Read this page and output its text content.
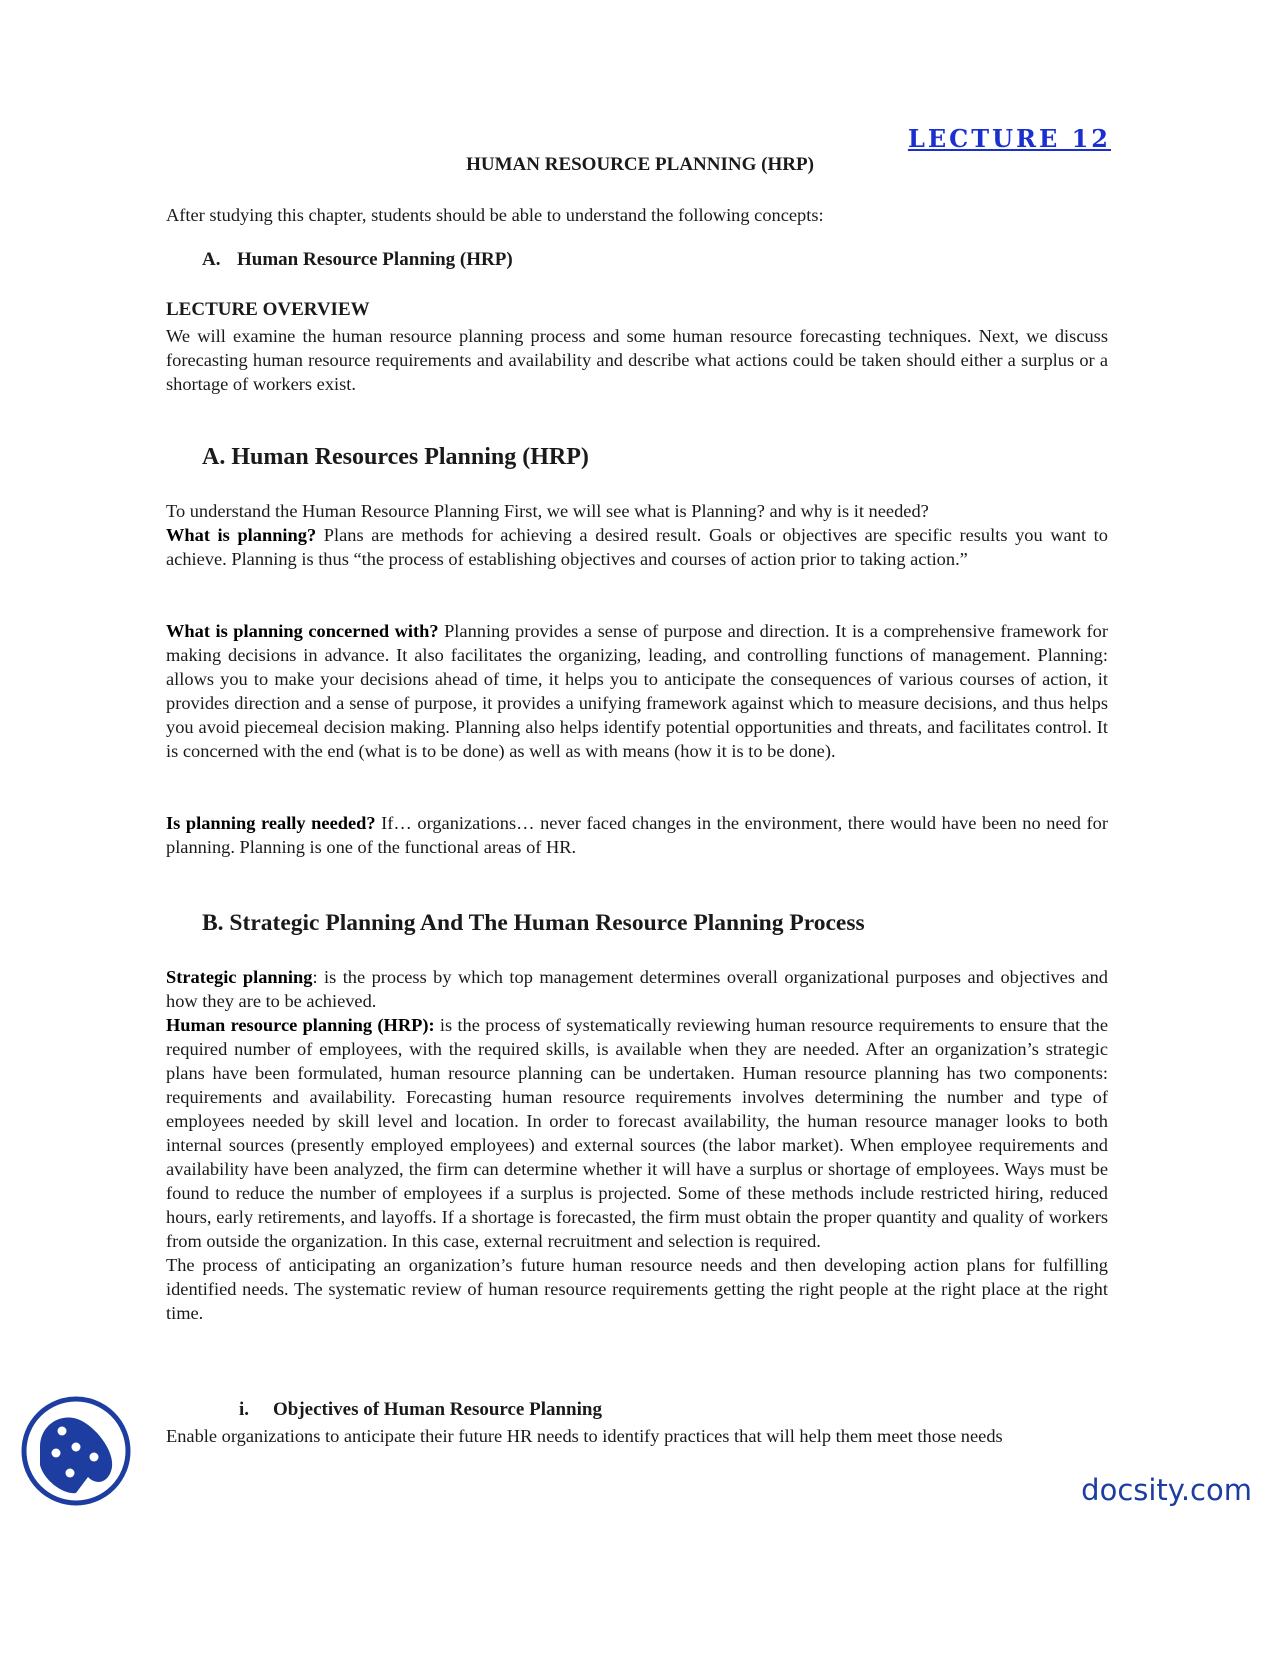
LECTURE 12
HUMAN RESOURCE PLANNING (HRP)

After studying this chapter, students should be able to understand the following concepts:

A. Human Resource Planning (HRP)
LECTURE OVERVIEW

We will examine the human resource planning process and some human resource forecasting techniques. Next, we discuss forecasting human resource requirements and availability and describe what actions could be taken should either a surplus or a shortage of workers exist.

A. Human Resources Planning (HRP)

To understand the Human Resource Planning First, we will see what is Planning? and why is it needed?
What is planning? Plans are methods for achieving a desired result. Goals or objectives are specific results you want to achieve. Planning is thus “the process of establishing objectives and courses of action prior to taking action.”

What is planning concerned with? Planning provides a sense of purpose and direction. It is a comprehensive framework for making decisions in advance. It also facilitates the organizing, leading, and controlling functions of management. Planning: allows you to make your decisions ahead of time, it helps you to anticipate the consequences of various courses of action, it provides direction and a sense of purpose, it provides a unifying framework against which to measure decisions, and thus helps you avoid piecemeal decision making. Planning also helps identify potential opportunities and threats, and facilitates control. It is concerned with the end (what is to be done) as well as with means (how it is to be done).

Is planning really needed? If… organizations… never faced changes in the environment, there would have been no need for planning. Planning is one of the functional areas of HR.

B. Strategic Planning And The Human Resource Planning Process

Strategic planning: is the process by which top management determines overall organizational purposes and objectives and how they are to be achieved.
Human resource planning (HRP): is the process of systematically reviewing human resource requirements to ensure that the required number of employees, with the required skills, is available when they are needed. After an organization’s strategic plans have been formulated, human resource planning can be undertaken. Human resource planning has two components: requirements and availability. Forecasting human resource requirements involves determining the number and type of employees needed by skill level and location. In order to forecast availability, the human resource manager looks to both internal sources (presently employed employees) and external sources (the labor market). When employee requirements and availability have been analyzed, the firm can determine whether it will have a surplus or shortage of employees. Ways must be found to reduce the number of employees if a surplus is projected. Some of these methods include restricted hiring, reduced hours, early retirements, and layoffs. If a shortage is forecasted, the firm must obtain the proper quantity and quality of workers from outside the organization. In this case, external recruitment and selection is required.
The process of anticipating an organization’s future human resource needs and then developing action plans for fulfilling identified needs. The systematic review of human resource requirements getting the right people at the right place at the right time.

i. Objectives of Human Resource Planning

Enable organizations to anticipate their future HR needs to identify practices that will help them meet those needs

docsity.com
